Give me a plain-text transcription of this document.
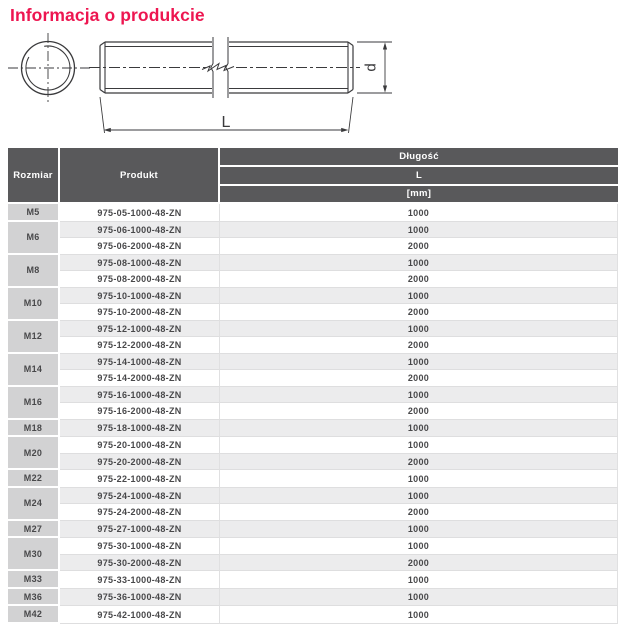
Informacja o produkcie
d
L
Rozmiar	Produkt	Długość
		L
		[mm]
M5	975-05-1000-48-ZN	1000
M6	975-06-1000-48-ZN	1000
	975-06-2000-48-ZN	2000
M8	975-08-1000-48-ZN	1000
	975-08-2000-48-ZN	2000
M10	975-10-1000-48-ZN	1000
	975-10-2000-48-ZN	2000
M12	975-12-1000-48-ZN	1000
	975-12-2000-48-ZN	2000
M14	975-14-1000-48-ZN	1000
	975-14-2000-48-ZN	2000
M16	975-16-1000-48-ZN	1000
	975-16-2000-48-ZN	2000
M18	975-18-1000-48-ZN	1000
M20	975-20-1000-48-ZN	1000
	975-20-2000-48-ZN	2000
M22	975-22-1000-48-ZN	1000
M24	975-24-1000-48-ZN	1000
	975-24-2000-48-ZN	2000
M27	975-27-1000-48-ZN	1000
M30	975-30-1000-48-ZN	1000
	975-30-2000-48-ZN	2000
M33	975-33-1000-48-ZN	1000
M36	975-36-1000-48-ZN	1000
M42	975-42-1000-48-ZN	1000
